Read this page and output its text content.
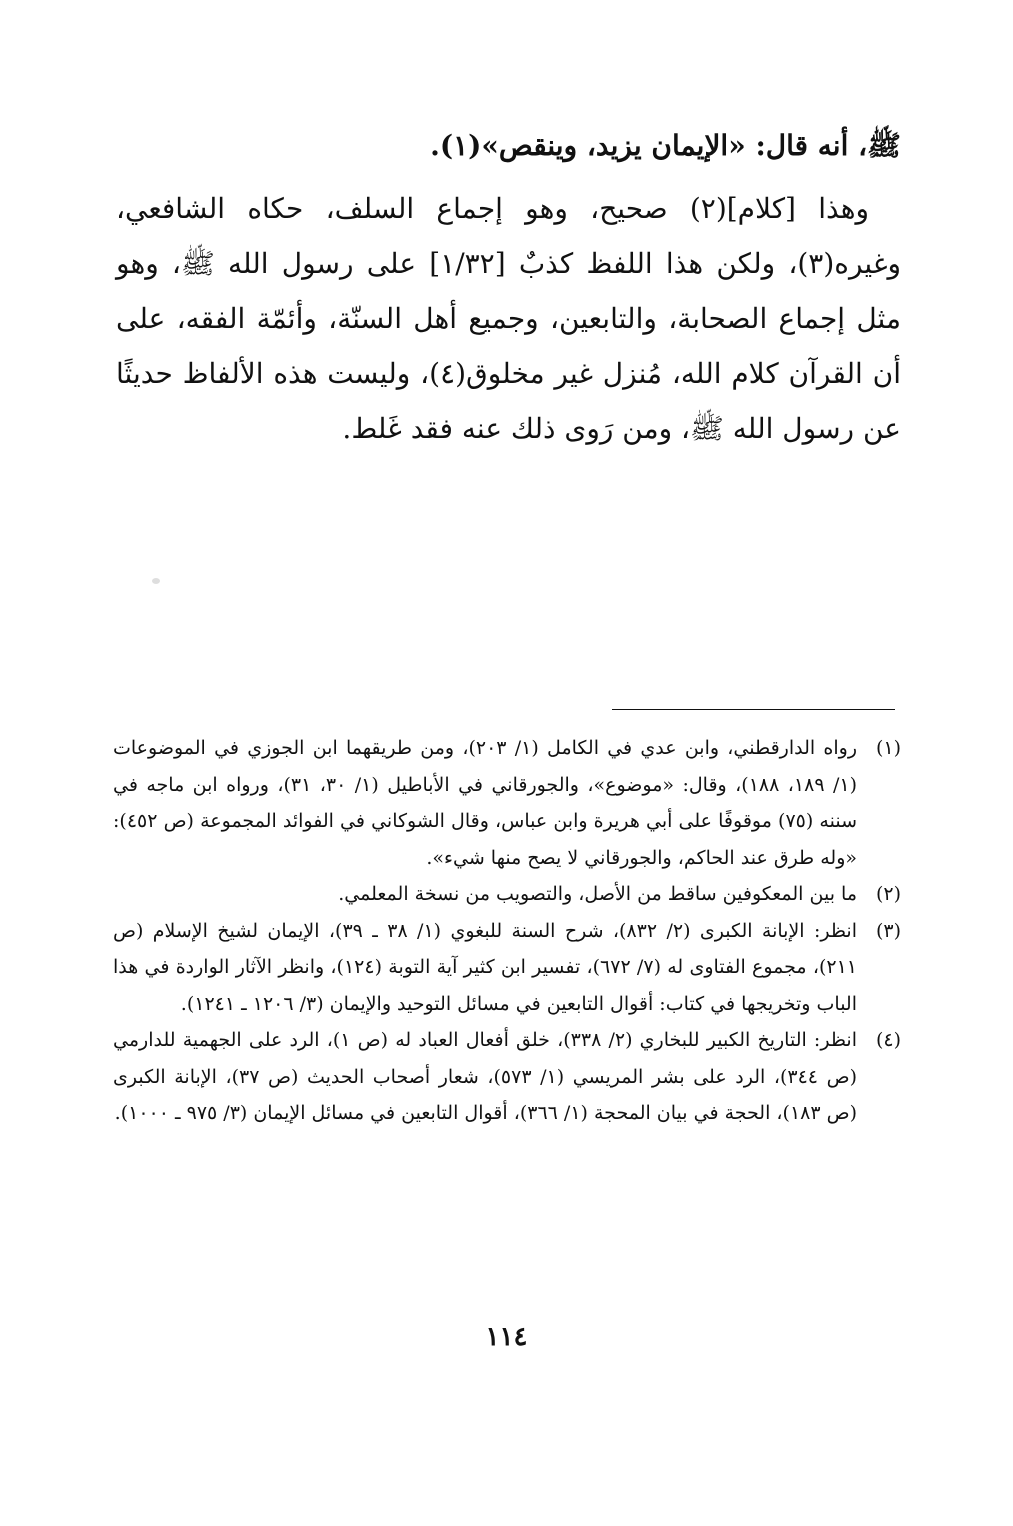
ﷺ، أنه قال: «الإيمان يزيد، وينقص»(١).

وهذا [كلام](٢) صحيح، وهو إجماع السلف، حكاه الشافعي، وغيره(٣)، ولكن هذا اللفظ كذبٌ [١/٣٢] على رسول الله ﷺ، وهو مثل إجماع الصحابة، والتابعين، وجميع أهل السنّة، وأئمّة الفقه، على أن القرآن كلام الله، مُنزل غير مخلوق(٤)، وليست هذه الألفاظ حديثًا عن رسول الله ﷺ، ومن رَوى ذلك عنه فقد غَلط.

(١)
رواه الدارقطني، وابن عدي في الكامل (١/ ٢٠٣)، ومن طريقهما ابن الجوزي في الموضوعات (١/ ١٨٩، ١٨٨)، وقال: «موضوع»، والجورقاني في الأباطيل (١/ ٣٠، ٣١)، ورواه ابن ماجه في سننه (٧٥) موقوفًا على أبي هريرة وابن عباس، وقال الشوكاني في الفوائد المجموعة (ص ٤٥٢): «وله طرق عند الحاكم، والجورقاني لا يصح منها شيء».
(٢)
ما بين المعكوفين ساقط من الأصل، والتصويب من نسخة المعلمي.
(٣)
انظر: الإبانة الكبرى (٢/ ٨٣٢)، شرح السنة للبغوي (١/ ٣٨ ـ ٣٩)، الإيمان لشيخ الإسلام (ص ٢١١)، مجموع الفتاوى له (٧/ ٦٧٢)، تفسير ابن كثير آية التوبة (١٢٤)، وانظر الآثار الواردة في هذا الباب وتخريجها في كتاب: أقوال التابعين في مسائل التوحيد والإيمان (٣/ ١٢٠٦ ـ ١٢٤١).
(٤)
انظر: التاريخ الكبير للبخاري (٢/ ٣٣٨)، خلق أفعال العباد له (ص ١)، الرد على الجهمية للدارمي (ص ٣٤٤)، الرد على بشر المريسي (١/ ٥٧٣)، شعار أصحاب الحديث (ص ٣٧)، الإبانة الكبرى (ص ١٨٣)، الحجة في بيان المحجة (١/ ٣٦٦)، أقوال التابعين في مسائل الإيمان (٣/ ٩٧٥ ـ ١٠٠٠).
١١٤
